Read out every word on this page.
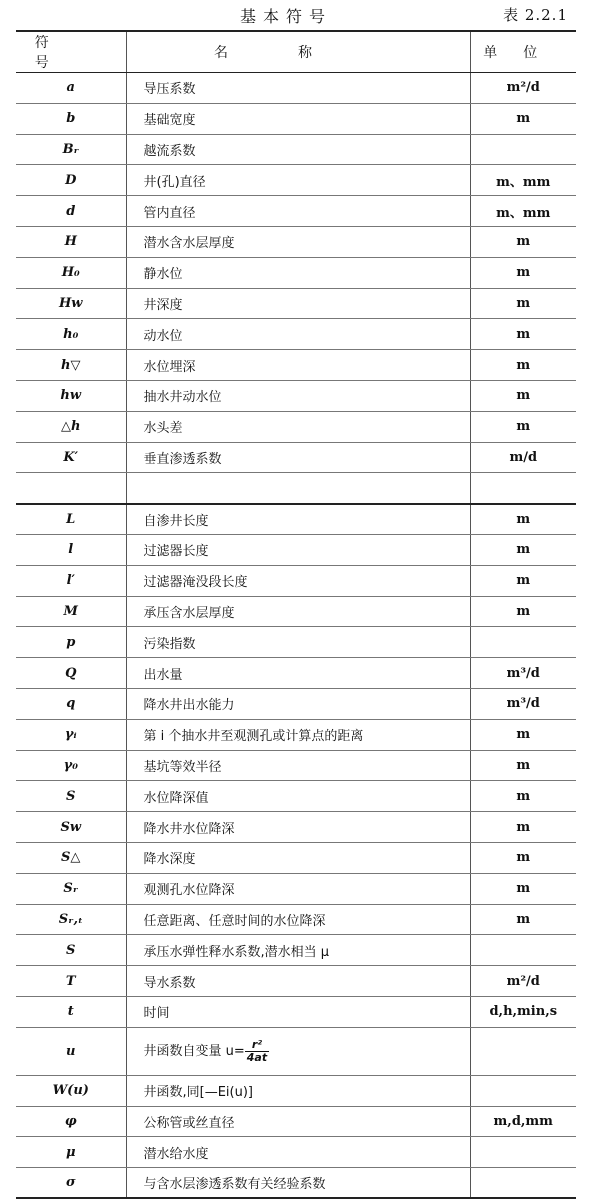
基本符号	表 2.2.1
符号	名称	单位
a	导压系数	m²/d
b	基础宽度	m
Bᵣ	越流系数	
D	井(孔)直径	m、mm
d	管内直径	m、mm
H	潜水含水层厚度	m
H₀	静水位	m
Hw	井深度	m
h₀	动水位	m
h▽	水位埋深	m
hw	抽水井动水位	m
△h	水头差	m
K′	垂直渗透系数	m/d

L	自渗井长度	m
l	过滤器长度	m
l′	过滤器淹没段长度	m
M	承压含水层厚度	m
p	污染指数	
Q	出水量	m³/d
q	降水井出水能力	m³/d
γᵢ	第 i 个抽水井至观测孔或计算点的距离	m
γ₀	基坑等效半径	m
S	水位降深值	m
Sw	降水井水位降深	m
S△	降水深度	m
Sᵣ	观测孔水位降深	m
Sᵣ,ₜ	任意距离、任意时间的水位降深	m
S	承压水弹性释水系数,潜水相当 μ	
T	导水系数	m²/d
t	时间	d,h,min,s
u	井函数自变量 $u= \frac{\text{r²}}{4at}$

W(u)	井函数,同[—Ei(u)]	
φ	公称管或丝直径	m,d,mm
μ	潜水给水度	
σ	与含水层渗透系数有关经验系数	
